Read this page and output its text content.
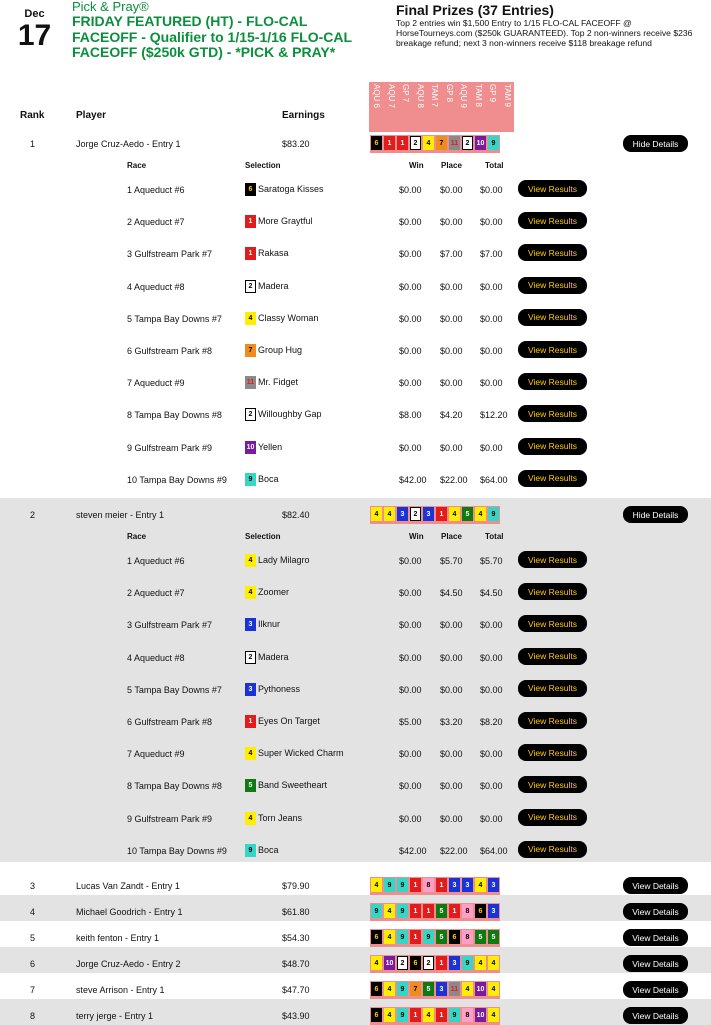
Dec
17
Pick & Pray®
FRIDAY FEATURED (HT) - FLO-CAL FACEOFF - Qualifier to 1/15-1/16 FLO-CAL FACEOFF ($250k GTD) - *PICK & PRAY*
Final Prizes (37 Entries)
Top 2 entries win $1,500 Entry to 1/15 FLO-CAL FACEOFF @ HorseTourneys.com ($250k GUARANTEED). Top 2 non-winners receive $236 breakage refund; next 3 non-winners receive $118 breakage refund
Rank	Player	Earnings
AQU 6 AQU 7 GP 7 AQU 8 TAM 7 GP 8 AQU 9 TAM 8 GP 9 TAM 9
1	Jorge Cruz-Aedo - Entry 1	$83.20	6	1	1	2	4	7	11	2	10	9	Hide Details
Race	Selection	Win Place	Total
1 Aqueduct #6	6 Saratoga Kisses	$0.00 $0.00 $0.00	View Results
2 Aqueduct #7	1 More Graytful	$0.00 $0.00 $0.00	View Results
3 Gulfstream Park #7	1 Rakasa	$0.00 $7.00 $7.00	View Results
4 Aqueduct #8	2 Madera	$0.00 $0.00 $0.00	View Results
5 Tampa Bay Downs #7	4 Classy Woman	$0.00 $0.00 $0.00	View Results
6 Gulfstream Park #8	7 Group Hug	$0.00 $0.00 $0.00	View Results
7 Aqueduct #9	11 Mr. Fidget	$0.00 $0.00 $0.00	View Results
8 Tampa Bay Downs #8	2 Willoughby Gap	$8.00 $4.20 $12.20	View Results
9 Gulfstream Park #9	10 Yellen	$0.00 $0.00 $0.00	View Results
10 Tampa Bay Downs #9	9 Boca	$42.00 $22.00 $64.00	View Results
2	steven meier - Entry 1	$82.40	4	4	3	2	3	1	4	5	4	9	Hide Details
Race	Selection	Win Place	Total
1 Aqueduct #6	4 Lady Milagro	$0.00 $5.70 $5.70	View Results
2 Aqueduct #7	4 Zoomer	$0.00 $4.50 $4.50	View Results
3 Gulfstream Park #7	3 Ilknur	$0.00 $0.00 $0.00	View Results
4 Aqueduct #8	2 Madera	$0.00 $0.00 $0.00	View Results
5 Tampa Bay Downs #7	3 Pythoness	$0.00 $0.00 $0.00	View Results
6 Gulfstream Park #8	1 Eyes On Target	$5.00 $3.20 $8.20	View Results
7 Aqueduct #9	4 Super Wicked Charm	$0.00 $0.00 $0.00	View Results
8 Tampa Bay Downs #8	5 Band Sweetheart	$0.00 $0.00 $0.00	View Results
9 Gulfstream Park #9	4 Torn Jeans	$0.00 $0.00 $0.00	View Results
10 Tampa Bay Downs #9	9 Boca	$42.00 $22.00 $64.00	View Results
3	Lucas Van Zandt - Entry 1	$79.90	4	9	9	1	8	1	3	3	4	3	View Details
4	Michael Goodrich - Entry 1	$61.80	9	4	9	1	1	5	1	8	6	3	View Details
5	keith fenton - Entry 1	$54.30	6	4	9	1	9	5	6	8	5	5	View Details
6	Jorge Cruz-Aedo - Entry 2	$48.70	4	10	2	6	2	1	3	9	4	4	View Details
7	steve Arrison - Entry 1	$47.70	6	4	9	7	5	3	11	4	10	4	View Details
8	terry jerge - Entry 1	$43.90	6	4	9	1	4	1	9	8	10	4	View Details
